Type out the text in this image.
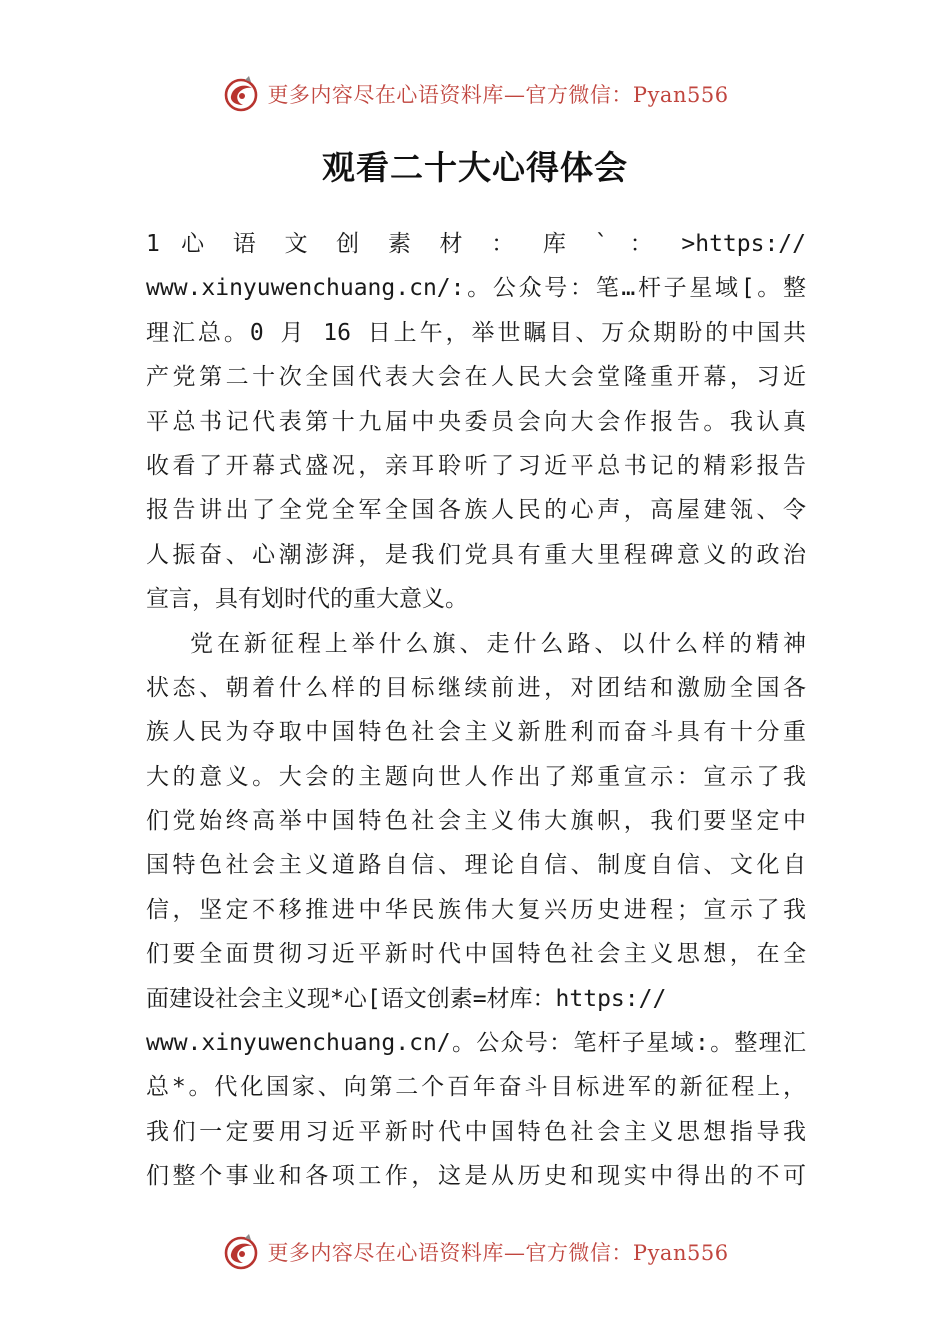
更多内容尽在心语资料库—官方微信：Pyan556
观看二十大心得体会
1 心 语 文 创 素 材 ： 库 ` ： >https://
www.xinyuwenchuang.cn/:。公众号：笔…杆子星域[。整
理汇总。0 月 16 日上午，举世瞩目、万众期盼的中国共
产党第二十次全国代表大会在人民大会堂隆重开幕，习近
平总书记代表第十九届中央委员会向大会作报告。我认真
收看了开幕式盛况，亲耳聆听了习近平总书记的精彩报告
报告讲出了全党全军全国各族人民的心声，高屋建瓴、令
人振奋、心潮澎湃，是我们党具有重大里程碑意义的政治
宣言，具有划时代的重大意义。
党在新征程上举什么旗、走什么路、以什么样的精神
状态、朝着什么样的目标继续前进，对团结和激励全国各
族人民为夺取中国特色社会主义新胜利而奋斗具有十分重
大的意义。大会的主题向世人作出了郑重宣示：宣示了我
们党始终高举中国特色社会主义伟大旗帜，我们要坚定中
国特色社会主义道路自信、理论自信、制度自信、文化自
信，坚定不移推进中华民族伟大复兴历史进程；宣示了我
们要全面贯彻习近平新时代中国特色社会主义思想，在全
面建设社会主义现*心[语文创素=材库：https://
www.xinyuwenchuang.cn/。公众号：笔杆子星域:。整理汇
总*。代化国家、向第二个百年奋斗目标进军的新征程上，
我们一定要用习近平新时代中国特色社会主义思想指导我
们整个事业和各项工作，这是从历史和现实中得出的不可
更多内容尽在心语资料库—官方微信：Pyan556
